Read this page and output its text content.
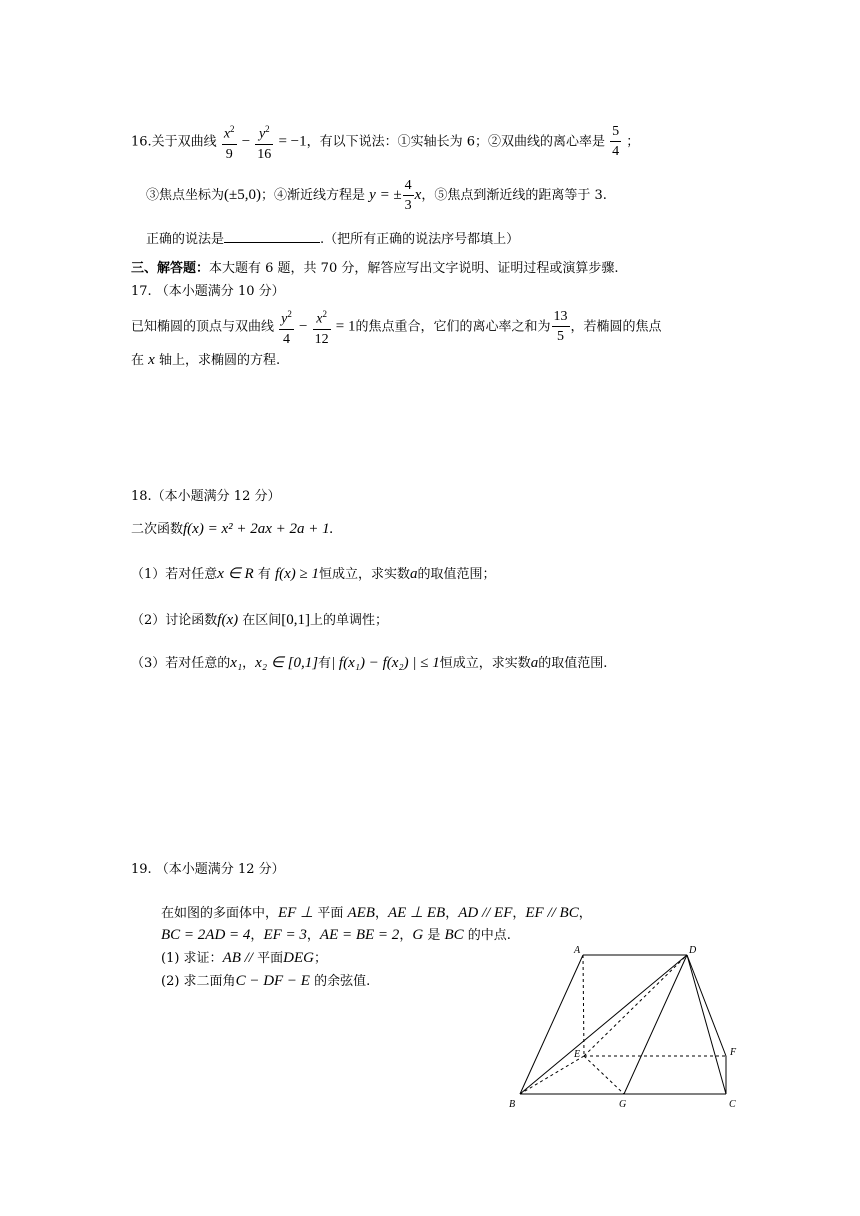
16.关于双曲线 $\frac{x^2}{9} - \frac{y^2}{16} = -1$，有以下说法：①实轴长为 6；②双曲线的离心率是 $\frac{5}{4}$ ；
③焦点坐标为(±5,0)；④渐近线方程是 y = ± $\frac{4}{3}$ x，⑤焦点到渐近线的距离等于 3.
正确的说法是	.（把所有正确的说法序号都填上）
三、解答题：本大题有 6 题，共 70 分，解答应写出文字说明、证明过程或演算步骤.
17. （本小题满分 10 分）
已知椭圆的顶点与双曲线 $\frac{y^2}{4} - \frac{x^2}{12} = 1$的焦点重合，它们的离心率之和为 $\frac{13}{5}$ ，若椭圆的焦点
在 x 轴上，求椭圆的方程.
18.（本小题满分 12 分）
二次函数f(x) = x² + 2ax + 2a + 1.
（1）若对任意x ∈ R 有 f(x) ≥ 1恒成立，求实数a的取值范围；
（2）讨论函数f(x) 在区间[0,1]上的单调性；
（3）若对任意的x₁，x₂ ∈ [0,1]有| f(x₁) − f(x₂) | ≤ 1恒成立，求实数a的取值范围.
19. （本小题满分 12 分）
在如图的多面体中，EF ⊥ 平面 AEB，AE ⊥ EB，AD // EF，EF // BC，
BC = 2AD = 4，EF = 3，AE = BE = 2，G 是 BC 的中点.
(1) 求证：AB // 平面DEG；
(2) 求二面角C − DF − E 的余弦值.
A	D
E	F
B	G	C
